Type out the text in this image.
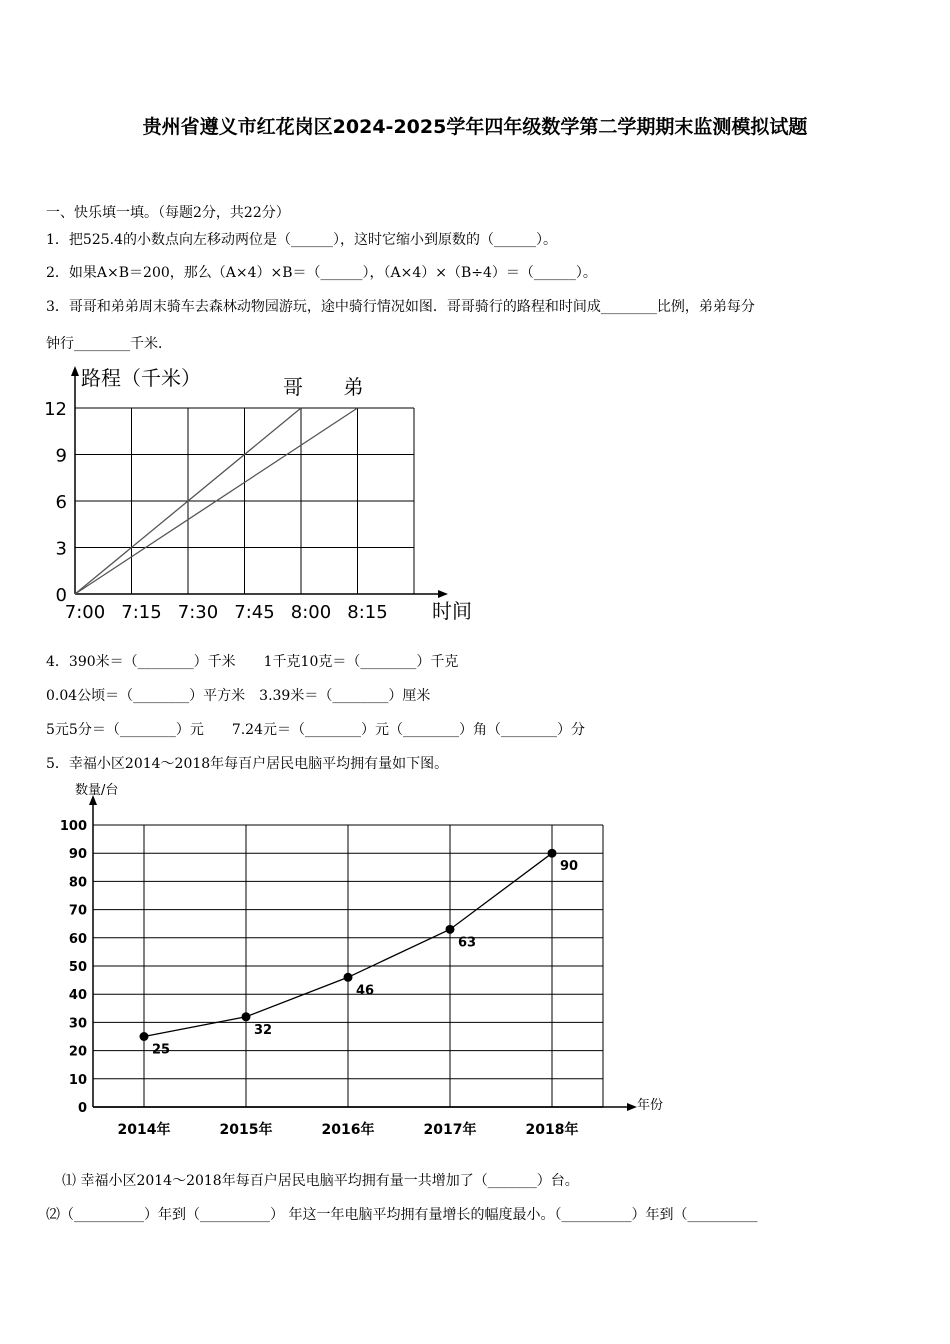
贵州省遵义市红花岗区2024-2025学年四年级数学第二学期期末监测模拟试题
一、快乐填一填。（每题2分，共22分）
1．把525.4的小数点向左移动两位是（______），这时它缩小到原数的（______）。
2．如果A×B＝200，那么（A×4）×B＝（______），（A×4）×（B÷4）＝（______）。
3．哥哥和弟弟周末骑车去森林动物园游玩，途中骑行情况如图．哥哥骑行的路程和时间成________比例，弟弟每分
钟行________千米．
路程（千米）
时间
0
3
6
9
12
7:00 7:15 7:30 7:45 8:00 8:15
哥 弟
4．390米＝（________）千米　　1千克10克＝（________）千克
0.04公顷＝（________）平方米　3.39米＝（________）厘米
5元5分＝（________）元　　7.24元＝（________）元（________）角（________）分
5．幸福小区2014～2018年每百户居民电脑平均拥有量如下图。
0
10
20
30
40
50
60
70
80
90
100
数量/台
年份
2014年	2015年	2016年	2017年	2018年
25
32
46
63
90
⑴ 幸福小区2014～2018年每百户居民电脑平均拥有量一共增加了（_______）台。
⑵（__________）年到（__________） 年这一年电脑平均拥有量增长的幅度最小。（__________）年到（__________
